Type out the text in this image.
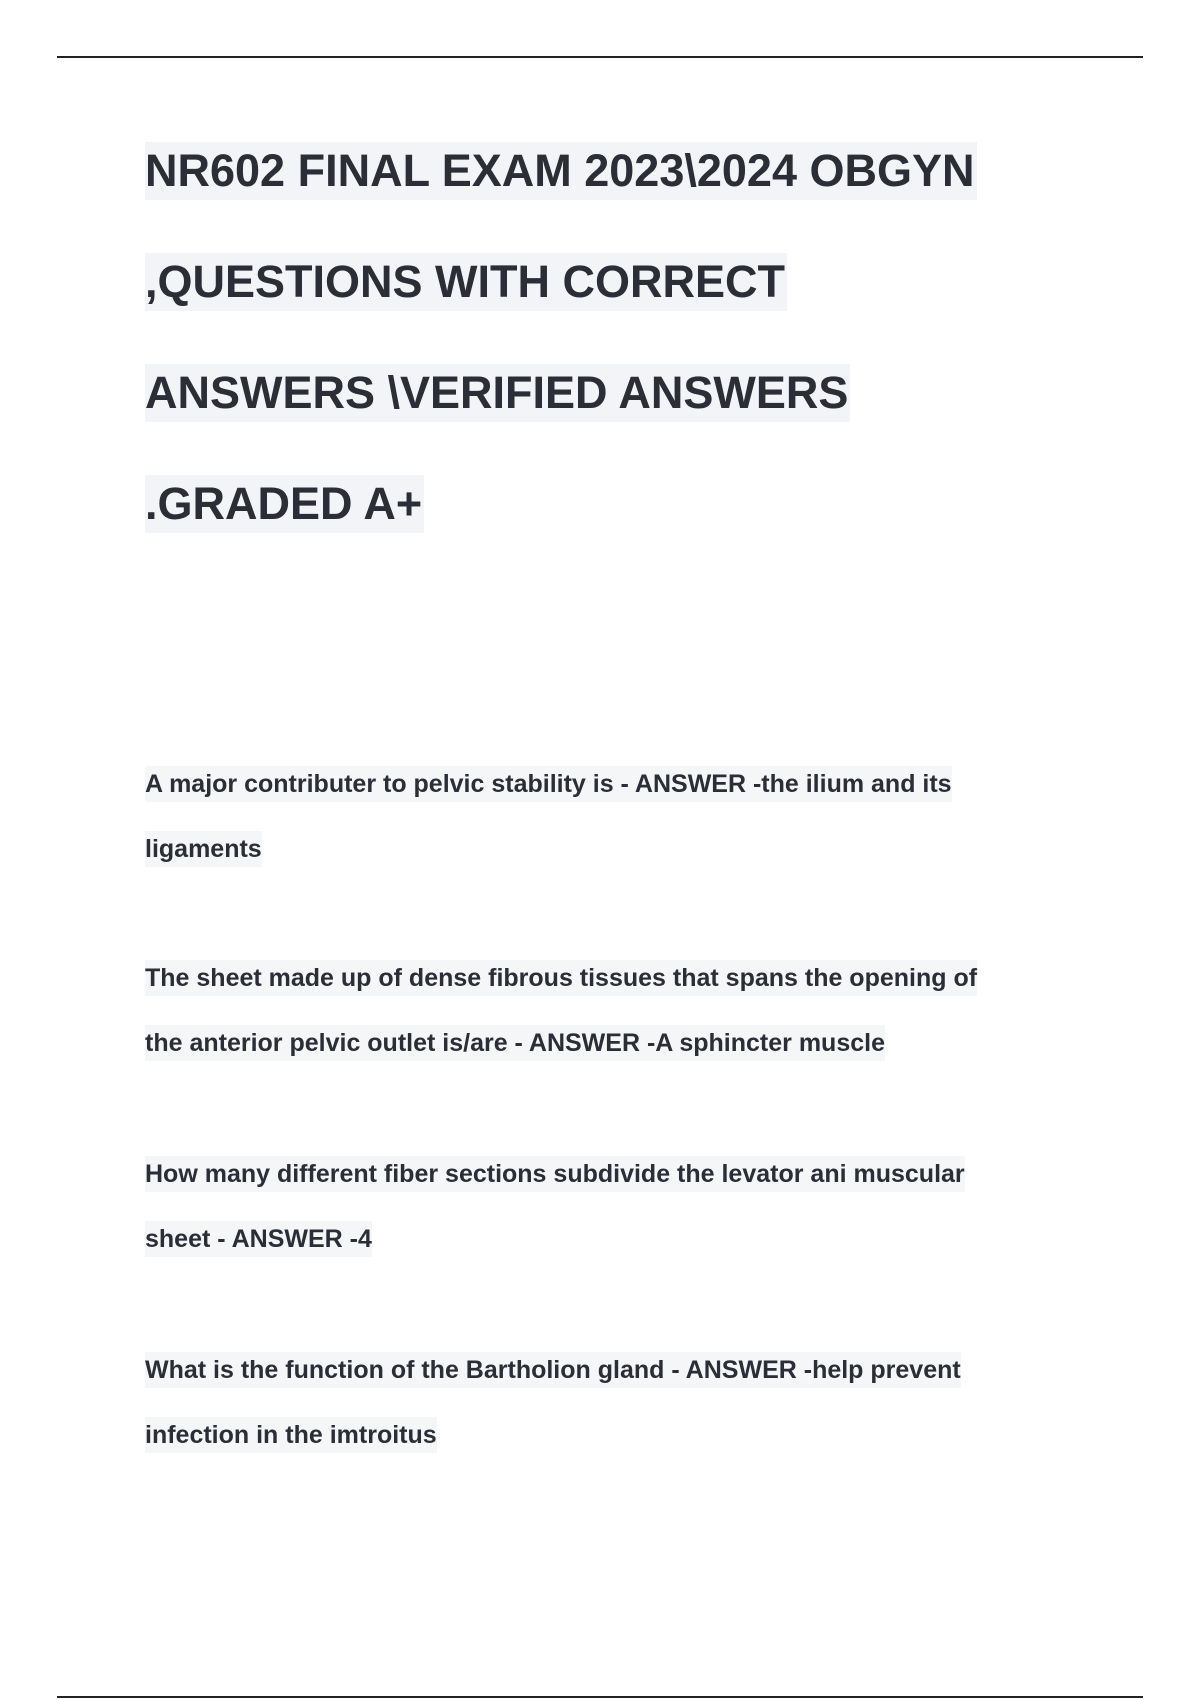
NR602 FINAL EXAM 2023\2024 OBGYN
,QUESTIONS WITH CORRECT
ANSWERS \VERIFIED ANSWERS
.GRADED A+
A major contributer to pelvic stability is - ANSWER -the ilium and its
ligaments
The sheet made up of dense fibrous tissues that spans the opening of
the anterior pelvic outlet is/are - ANSWER -A sphincter muscle
How many different fiber sections subdivide the levator ani muscular
sheet - ANSWER -4
What is the function of the Bartholion gland - ANSWER -help prevent
infection in the imtroitus
